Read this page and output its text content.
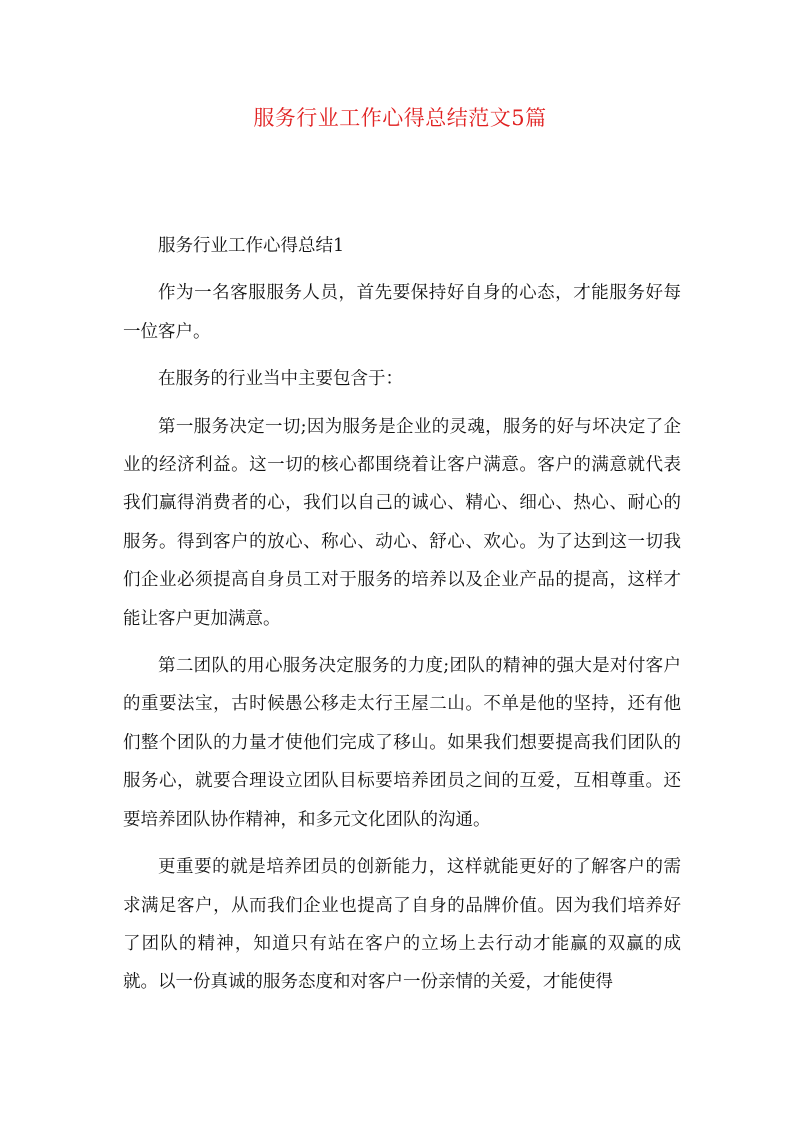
服务行业工作心得总结范文5篇

服务行业工作心得总结1

作为一名客服服务人员，首先要保持好自身的心态，才能服务好每一位客户。

在服务的行业当中主要包含于：

第一服务决定一切;因为服务是企业的灵魂，服务的好与坏决定了企业的经济利益。这一切的核心都围绕着让客户满意。客户的满意就代表我们赢得消费者的心，我们以自己的诚心、精心、细心、热心、耐心的服务。得到客户的放心、称心、动心、舒心、欢心。为了达到这一切我们企业必须提高自身员工对于服务的培养以及企业产品的提高，这样才能让客户更加满意。

第二团队的用心服务决定服务的力度;团队的精神的强大是对付客户的重要法宝，古时候愚公移走太行王屋二山。不单是他的坚持，还有他们整个团队的力量才使他们完成了移山。如果我们想要提高我们团队的服务心，就要合理设立团队目标要培养团员之间的互爱，互相尊重。还要培养团队协作精神，和多元文化团队的沟通。

更重要的就是培养团员的创新能力，这样就能更好的了解客户的需求满足客户，从而我们企业也提高了自身的品牌价值。因为我们培养好了团队的精神，知道只有站在客户的立场上去行动才能赢的双赢的成就。以一份真诚的服务态度和对客户一份亲情的关爱，才能使得
